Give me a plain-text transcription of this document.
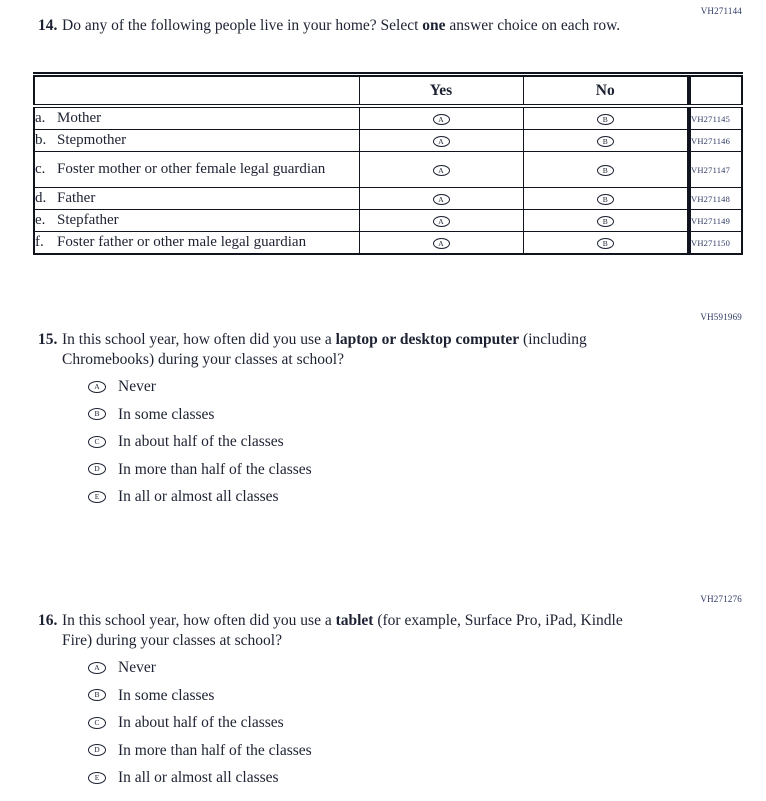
VH271144
14. Do any of the following people live in your home? Select one answer choice on each row.
	Yes	No	

a. Mother	A	B	VH271145

b. Stepmother	A	B	VH271146

c. Foster mother or other female legal guardian	A	B	VH271147

d. Father	A	B	VH271148

e. Stepfather	A	B	VH271149

f. Foster father or other male legal guardian	A	B	VH271150
VH591969
15. In this school year, how often did you use a laptop or desktop computer (including Chromebooks) during your classes at school?
A	Never
B	In some classes
C	In about half of the classes
D	In more than half of the classes
E	In all or almost all classes
VH271276
16. In this school year, how often did you use a tablet (for example, Surface Pro, iPad, Kindle Fire) during your classes at school?
A	Never
B	In some classes
C	In about half of the classes
D	In more than half of the classes
E	In all or almost all classes
